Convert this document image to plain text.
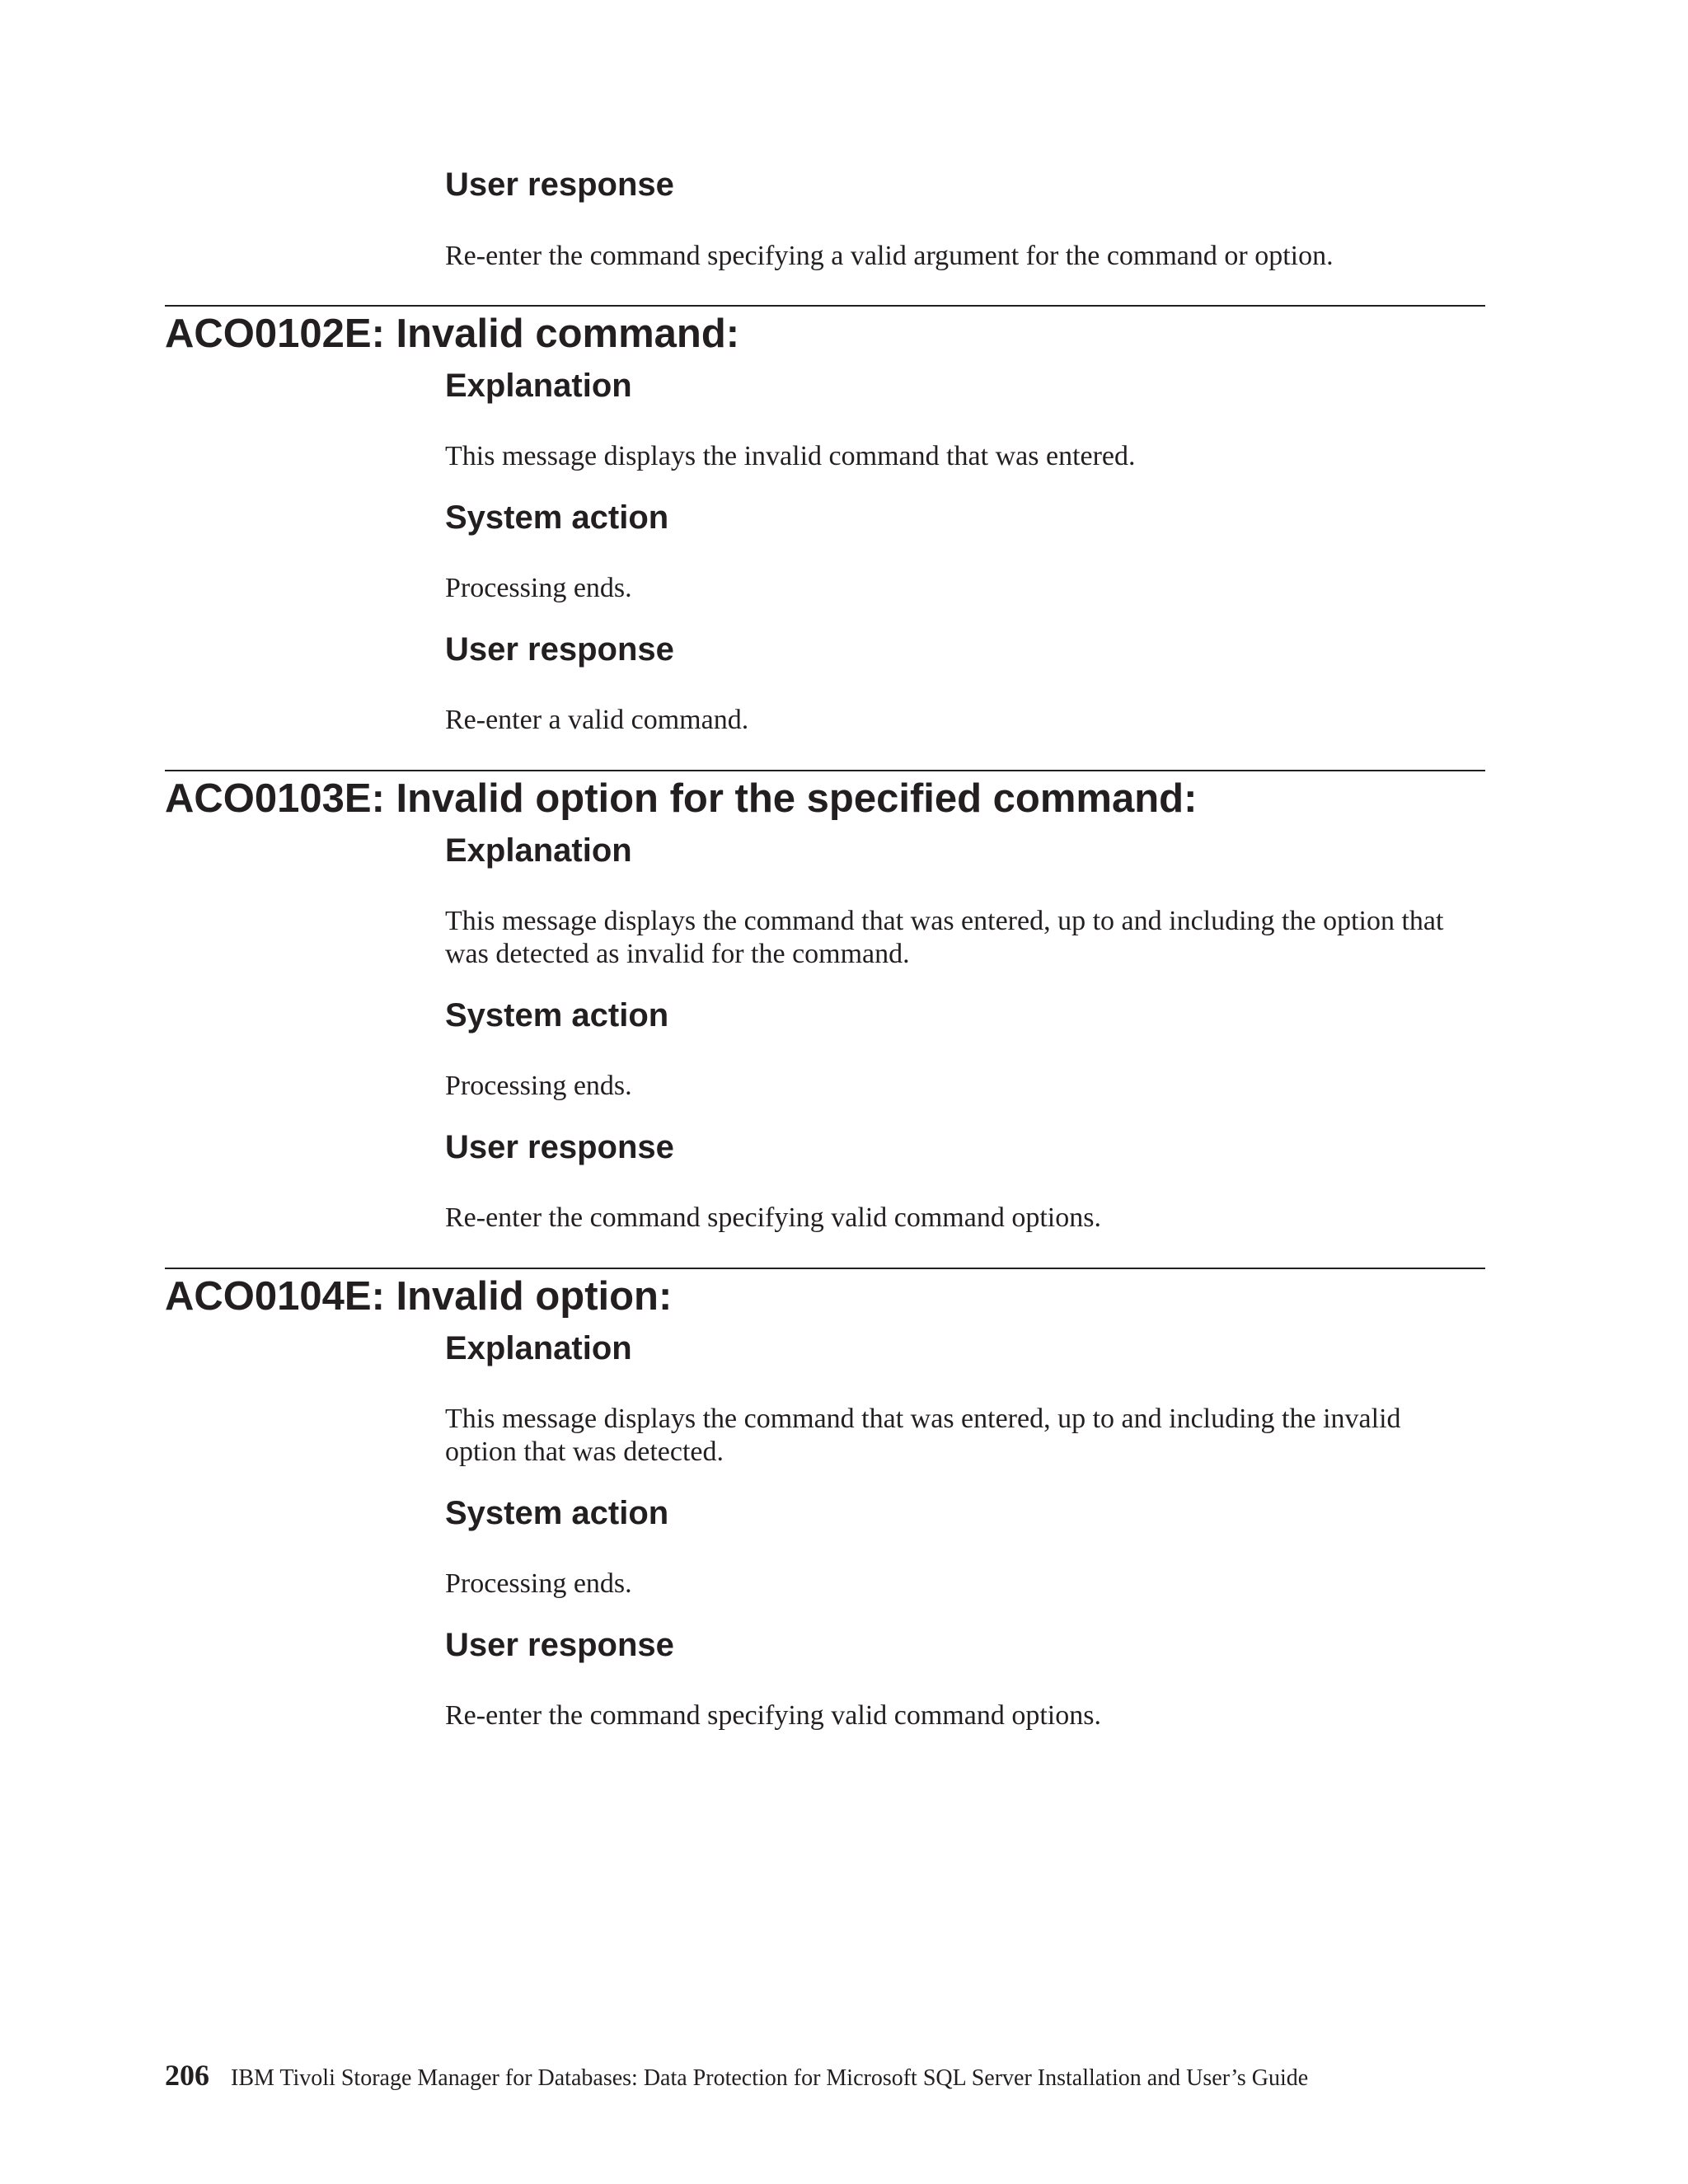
User response

Re-enter the command specifying a valid argument for the command or option.

ACO0102E: Invalid command:
Explanation

This message displays the invalid command that was entered.

System action

Processing ends.

User response

Re-enter a valid command.

ACO0103E: Invalid option for the specified command:
Explanation

This message displays the command that was entered, up to and including the option that was detected as invalid for the command.

System action

Processing ends.

User response

Re-enter the command specifying valid command options.

ACO0104E: Invalid option:
Explanation

This message displays the command that was entered, up to and including the invalid option that was detected.

System action

Processing ends.

User response

Re-enter the command specifying valid command options.

206 IBM Tivoli Storage Manager for Databases: Data Protection for Microsoft SQL Server Installation and User’s Guide
